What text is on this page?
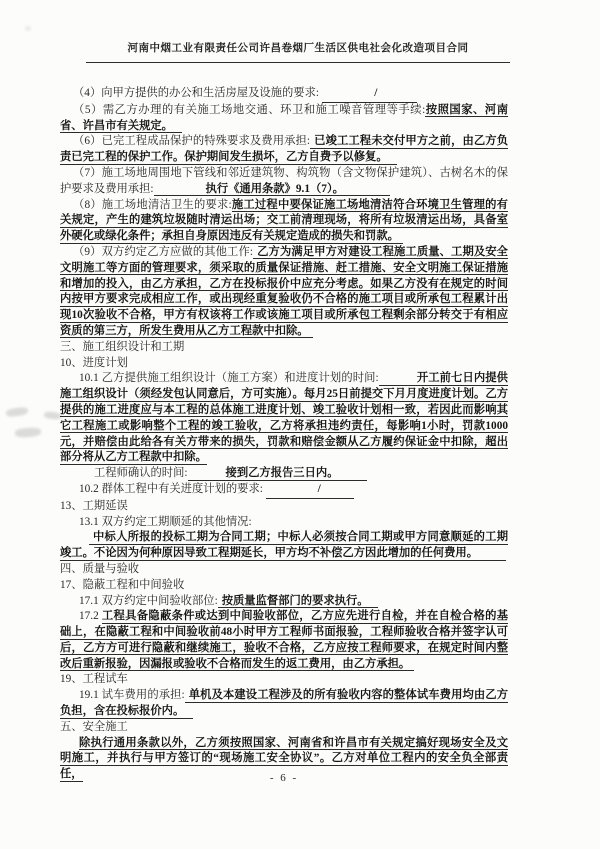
河南中烟工业有限责任公司许昌卷烟厂生活区供电社会化改造项目合同

（4）向甲方提供的办公和生活房屋及设施的要求:	/

（5）需乙方办理的有关施工场地交通、环卫和施工噪音管理等手续:按照国家、河南省、许昌市有关规定。

（6）已完工程成品保护的特殊要求及费用承担: 已竣工工程未交付甲方之前，由乙方负责已完工程的保护工作。保护期间发生损坏，乙方自费予以修复。

（7）施工场地周围地下管线和邻近建筑物、构筑物（含文物保护建筑）、古树名木的保护要求及费用承担:	执行《通用条款》9.1（7）。

（8）施工场地清洁卫生的要求:施工过程中要保证施工场地清洁符合环境卫生管理的有关规定，产生的建筑垃圾随时清运出场；交工前清理现场，将所有垃圾清运出场，具备室外硬化或绿化条件；承担自身原因违反有关规定造成的损失和罚款。

（9）双方约定乙方应做的其他工作: 乙方为满足甲方对建设工程施工质量、工期及安全文明施工等方面的管理要求，须采取的质量保证措施、赶工措施、安全文明施工保证措施和增加的投入，由乙方承担，乙方在投标报价中应充分考虑。如果乙方没有在规定的时间内按甲方要求完成相应工作，或出现经重复验收仍不合格的施工项目或所承包工程累计出现10次验收不合格，甲方有权该将工作或该施工项目或所承包工程剩余部分转交于有相应资质的第三方，所发生费用从乙方工程款中扣除。

三、施工组织设计和工期

10、进度计划

10.1 乙方提供施工组织设计（施工方案）和进度计划的时间:	开工前七日内提供施工组织设计（须经发包认同意后，方可实施）。每月25日前提交下月月度进度计划。乙方提供的施工进度应与本工程的总体施工进度计划、竣工验收计划相一致，若因此而影响其它工程施工或影响整个工程的竣工验收，乙方将承担违约责任，每影响1小时，罚款1000元，并赔偿由此给各有关方带来的损失，罚款和赔偿金额从乙方履约保证金中扣除，超出部分将从乙方工程款中扣除。

工程师确认的时间:	接到乙方报告三日内。

10.2 群体工程中有关进度计划的要求:	/

13、工期延误

13.1 双方约定工期顺延的其他情况:

中标人所报的投标工期为合同工期；中标人必须按合同工期或甲方同意顺延的工期竣工。不论因为何种原因导致工程期延长，甲方均不补偿乙方因此增加的任何费用。

四、质量与验收

17、隐蔽工程和中间验收

17.1 双方约定中间验收部位: 按质量监督部门的要求执行。

17.2 工程具备隐蔽条件或达到中间验收部位，乙方应先进行自检，并在自检合格的基础上，在隐蔽工程和中间验收前48小时甲方工程师书面报验，工程师验收合格并签字认可后，乙方方可进行隐蔽和继续施工，验收不合格，乙方应按工程师要求，在规定时间内整改后重新报验，因漏报或验收不合格而发生的返工费用，由乙方承担。

19、工程试车

19.1 试车费用的承担: 单机及本建设工程涉及的所有验收内容的整体试车费用均由乙方负担，含在投标报价内。

五、安全施工

除执行通用条款以外，乙方须按照国家、河南省和许昌市有关规定搞好现场安全及文明施工，并执行与甲方签订的“现场施工安全协议”。乙方对单位工程内的安全负全部责任，	- 6 -
